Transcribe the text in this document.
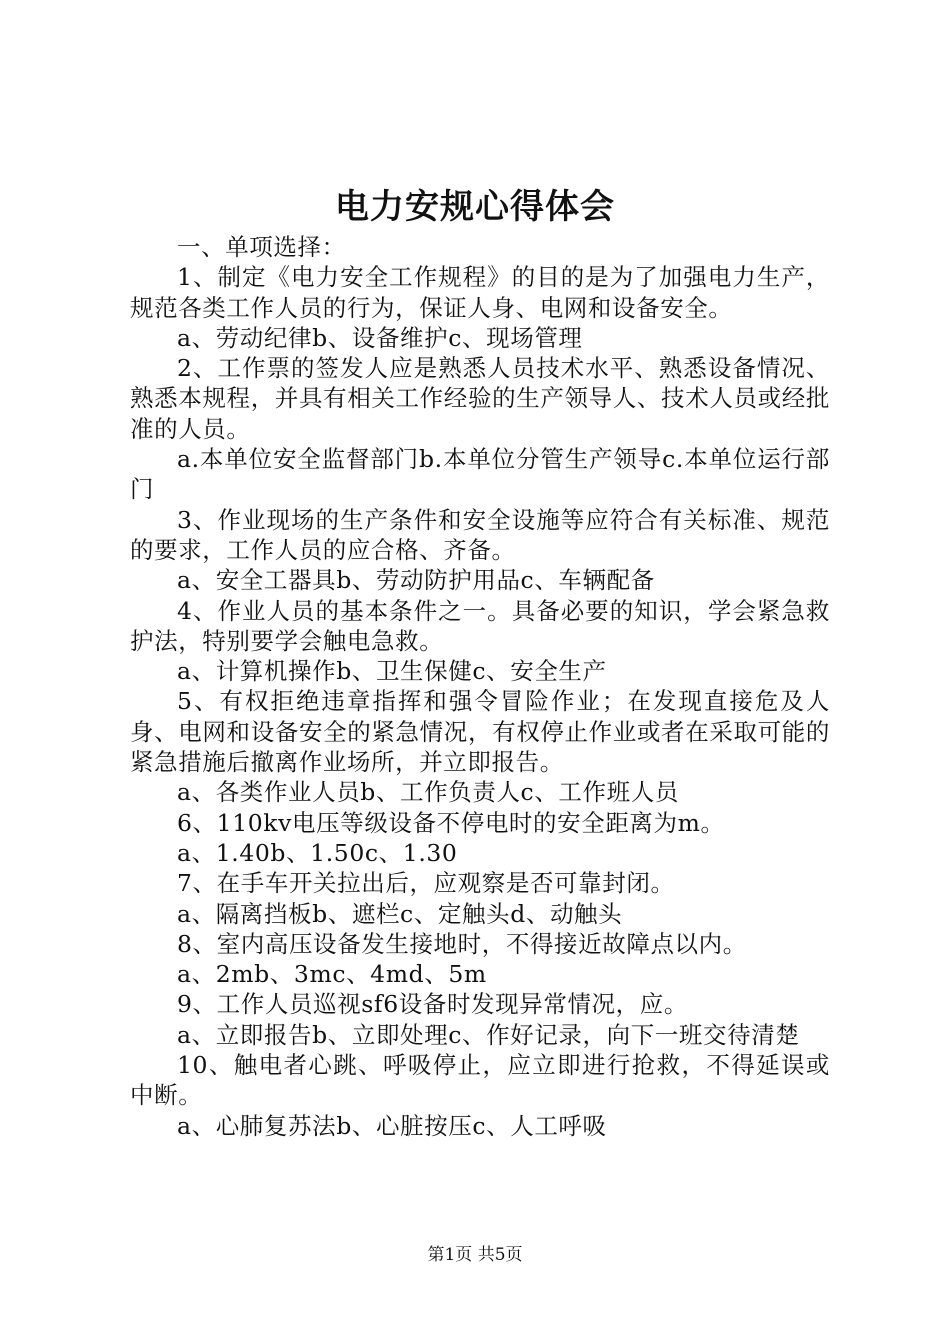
电力安规心得体会

一、单项选择：

1、制定《电力安全工作规程》的目的是为了加强电力生产，规范各类工作人员的行为，保证人身、电网和设备安全。

a、劳动纪律b、设备维护c、现场管理

2、工作票的签发人应是熟悉人员技术水平、熟悉设备情况、熟悉本规程，并具有相关工作经验的生产领导人、技术人员或经批准的人员。

a.本单位安全监督部门b.本单位分管生产领导c.本单位运行部门

3、作业现场的生产条件和安全设施等应符合有关标准、规范的要求，工作人员的应合格、齐备。

a、安全工器具b、劳动防护用品c、车辆配备

4、作业人员的基本条件之一。具备必要的知识，学会紧急救护法，特别要学会触电急救。

a、计算机操作b、卫生保健c、安全生产

5、有权拒绝违章指挥和强令冒险作业；在发现直接危及人身、电网和设备安全的紧急情况，有权停止作业或者在采取可能的紧急措施后撤离作业场所，并立即报告。

a、各类作业人员b、工作负责人c、工作班人员

6、110kv电压等级设备不停电时的安全距离为m。

a、1.40b、1.50c、1.30

7、在手车开关拉出后，应观察是否可靠封闭。

a、隔离挡板b、遮栏c、定触头d、动触头

8、室内高压设备发生接地时，不得接近故障点以内。

a、2mb、3mc、4md、5m

9、工作人员巡视sf6设备时发现异常情况，应。

a、立即报告b、立即处理c、作好记录，向下一班交待清楚

10、触电者心跳、呼吸停止，应立即进行抢救，不得延误或中断。

a、心肺复苏法b、心脏按压c、人工呼吸

第1页 共5页
